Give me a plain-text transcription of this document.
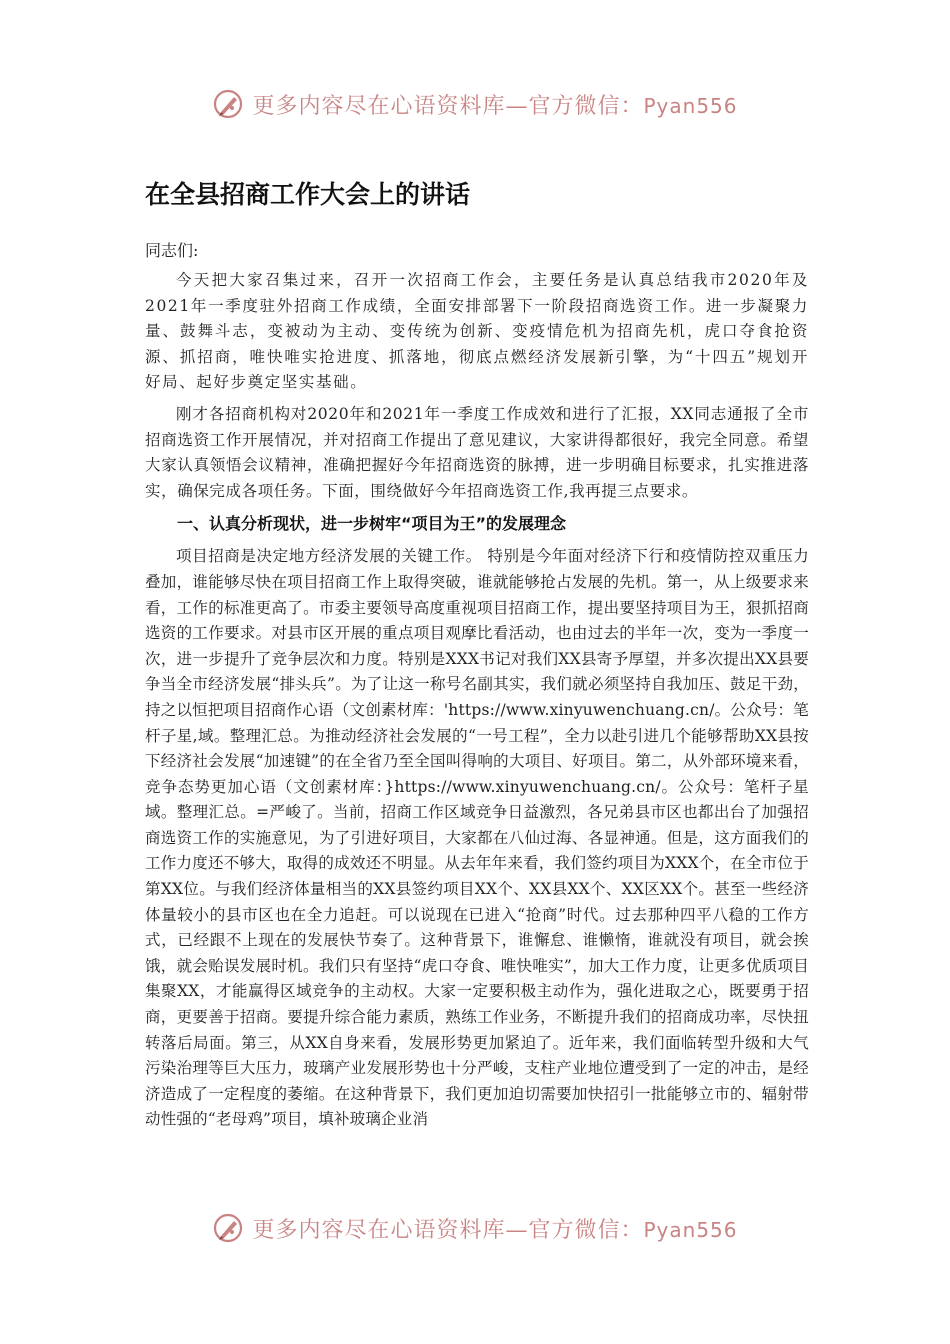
更多内容尽在心语资料库—官方微信：Pyan556
在全县招商工作大会上的讲话
同志们:

今天把大家召集过来，召开一次招商工作会，主要任务是认真总结我市2020年及2021年一季度驻外招商工作成绩，全面安排部署下一阶段招商选资工作。进一步凝聚力量、鼓舞斗志，变被动为主动、变传统为创新、变疫情危机为招商先机，虎口夺食抢资源、抓招商，唯快唯实抢进度、抓落地，彻底点燃经济发展新引擎，为“十四五”规划开好局、起好步奠定坚实基础。

刚才各招商机构对2020年和2021年一季度工作成效和进行了汇报，XX同志通报了全市招商选资工作开展情况，并对招商工作提出了意见建议，大家讲得都很好，我完全同意。希望大家认真领悟会议精神，准确把握好今年招商选资的脉搏，进一步明确目标要求，扎实推进落实，确保完成各项任务。下面，围绕做好今年招商选资工作,我再提三点要求。

一、认真分析现状，进一步树牢“项目为王”的发展理念

项目招商是决定地方经济发展的关键工作。 特别是今年面对经济下行和疫情防控双重压力叠加，谁能够尽快在项目招商工作上取得突破，谁就能够抢占发展的先机。第一，从上级要求来看，工作的标准更高了。市委主要领导高度重视项目招商工作，提出要坚持项目为王，狠抓招商选资的工作要求。对县市区开展的重点项目观摩比看活动，也由过去的半年一次，变为一季度一次，进一步提升了竞争层次和力度。特别是XXX书记对我们XX县寄予厚望，并多次提出XX县要争当全市经济发展“排头兵”。为了让这一称号名副其实，我们就必须坚持自我加压、鼓足干劲，持之以恒把项目招商作心语（文创素材库：'https://www.xinyuwenchuang.cn/。公众号：笔杆子星,域。整理汇总。为推动经济社会发展的“一号工程”，全力以赴引进几个能够帮助XX县按下经济社会发展“加速键”的在全省乃至全国叫得响的大项目、好项目。第二，从外部环境来看，竞争态势更加心语（文创素材库：}https://www.xinyuwenchuang.cn/。公众号：笔杆子星域。整理汇总。=严峻了。当前，招商工作区域竞争日益激烈，各兄弟县市区也都出台了加强招商选资工作的实施意见，为了引进好项目，大家都在八仙过海、各显神通。但是，这方面我们的工作力度还不够大，取得的成效还不明显。从去年年来看，我们签约项目为XXX个，在全市位于第XX位。与我们经济体量相当的XX县签约项目XX个、XX县XX个、XX区XX个。甚至一些经济体量较小的县市区也在全力追赶。可以说现在已进入“抢商”时代。过去那种四平八稳的工作方式，已经跟不上现在的发展快节奏了。这种背景下，谁懈怠、谁懒惰，谁就没有项目，就会挨饿，就会贻误发展时机。我们只有坚持“虎口夺食、唯快唯实”，加大工作力度，让更多优质项目集聚XX，才能赢得区域竞争的主动权。大家一定要积极主动作为，强化进取之心，既要勇于招商，更要善于招商。要提升综合能力素质，熟练工作业务，不断提升我们的招商成功率，尽快扭转落后局面。第三，从XX自身来看，发展形势更加紧迫了。近年来，我们面临转型升级和大气污染治理等巨大压力，玻璃产业发展形势也十分严峻，支柱产业地位遭受到了一定的冲击，是经济造成了一定程度的萎缩。在这种背景下，我们更加迫切需要加快招引一批能够立市的、辐射带动性强的“老母鸡”项目，填补玻璃企业消

更多内容尽在心语资料库—官方微信：Pyan556
